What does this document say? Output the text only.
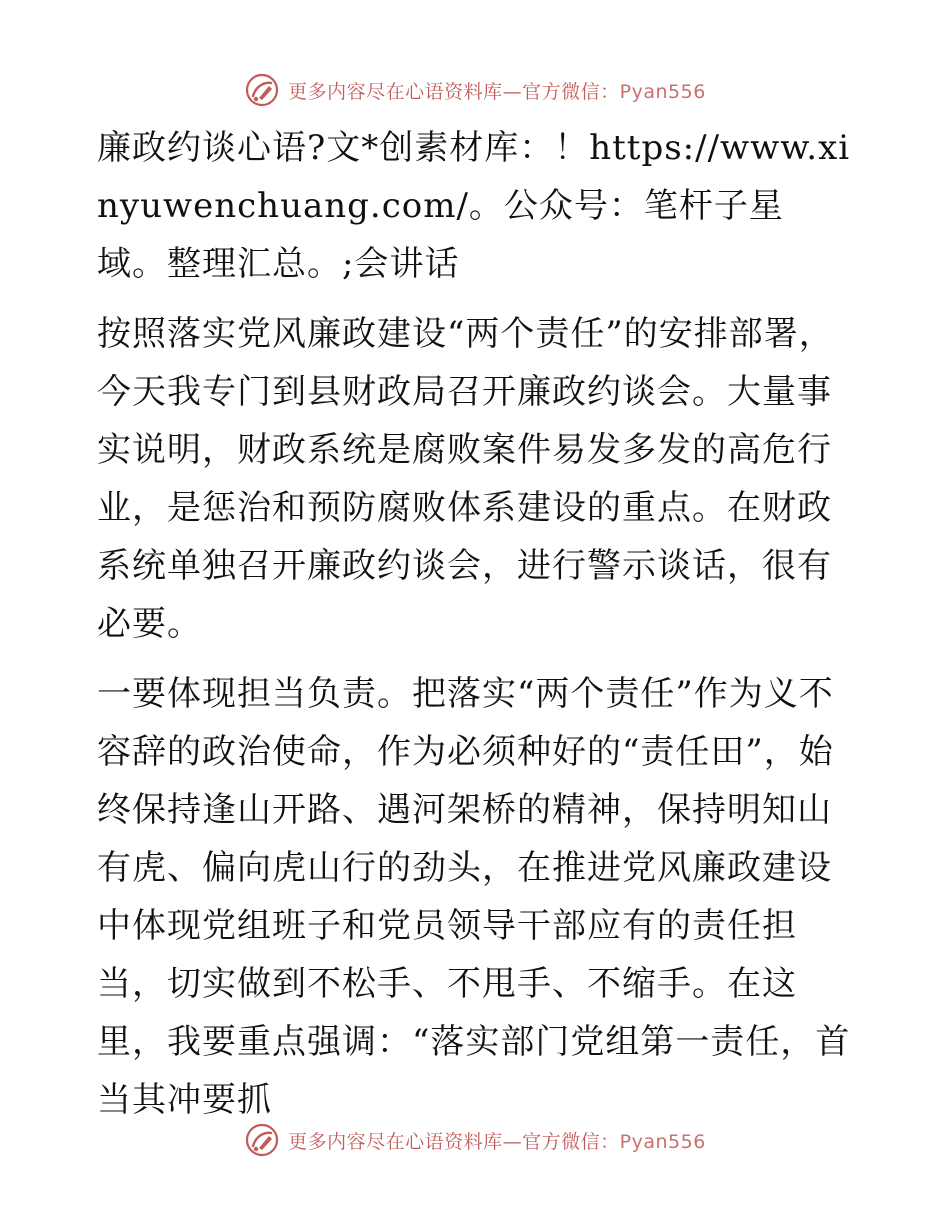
更多内容尽在心语资料库—官方微信：Pyan556

廉政约谈心语?文*创素材库：！https://www.xinyuwenchuang.com/。公众号：笔杆子星域。整理汇总。;会讲话

按照落实党风廉政建设“两个责任”的安排部署，今天我专门到县财政局召开廉政约谈会。大量事实说明，财政系统是腐败案件易发多发的高危行业，是惩治和预防腐败体系建设的重点。在财政系统单独召开廉政约谈会，进行警示谈话，很有必要。

一要体现担当负责。把落实“两个责任”作为义不容辞的政治使命，作为必须种好的“责任田”，始终保持逢山开路、遇河架桥的精神，保持明知山有虎、偏向虎山行的劲头，在推进党风廉政建设中体现党组班子和党员领导干部应有的责任担当，切实做到不松手、不甩手、不缩手。在这里，我要重点强调：“落实部门党组第一责任，首当其冲要抓

更多内容尽在心语资料库—官方微信：Pyan556
